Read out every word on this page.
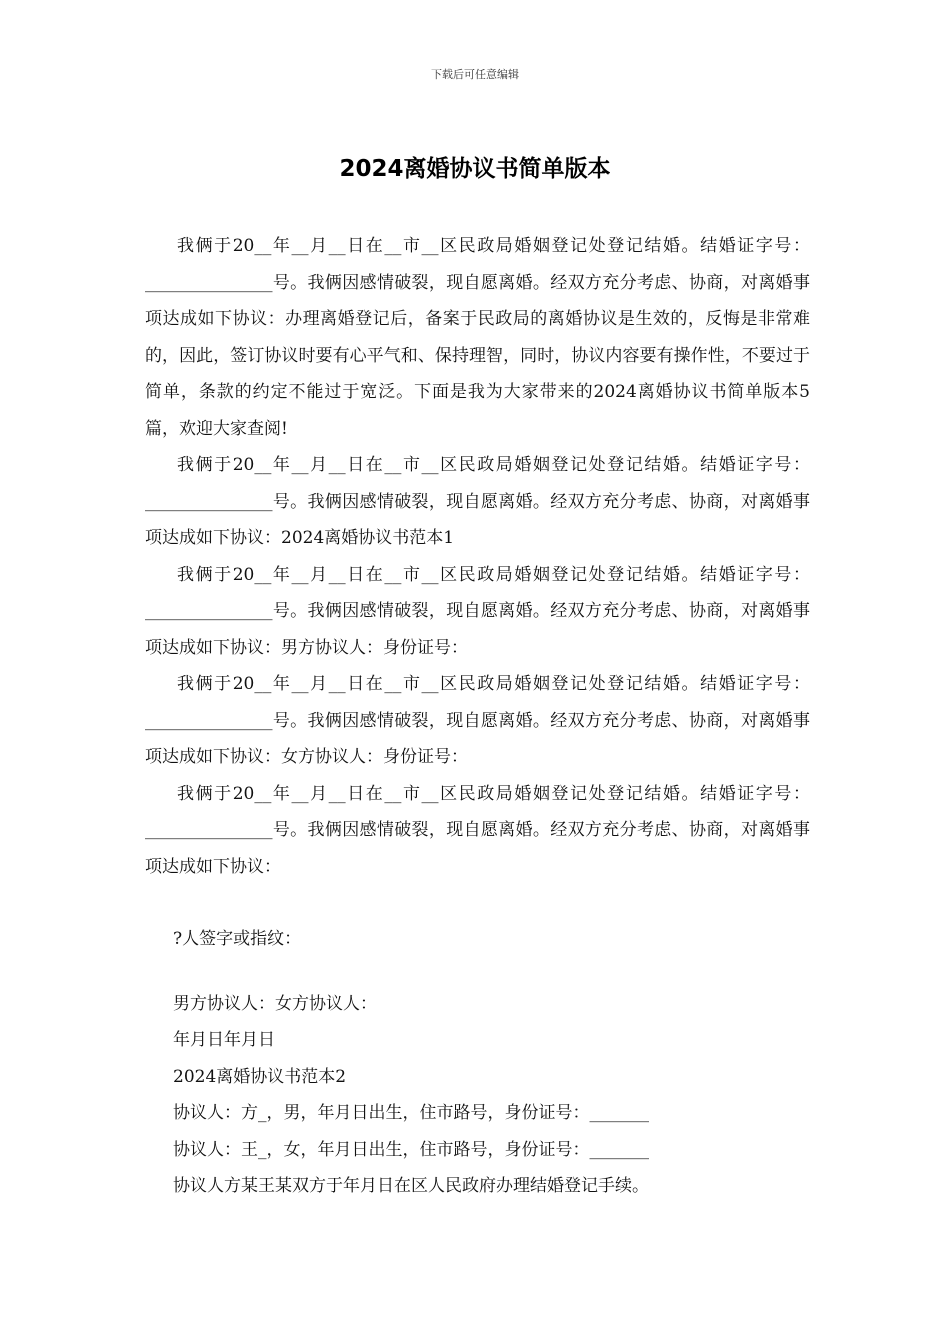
下载后可任意编辑
2024离婚协议书简单版本

我俩于20__年__月__日在__市__区民政局婚姻登记处登记结婚。结婚证字号：_______________号。我俩因感情破裂，现自愿离婚。经双方充分考虑、协商，对离婚事项达成如下协议：办理离婚登记后，备案于民政局的离婚协议是生效的，反悔是非常难的，因此，签订协议时要有心平气和、保持理智，同时，协议内容要有操作性，不要过于简单，条款的约定不能过于宽泛。下面是我为大家带来的2024离婚协议书简单版本5篇，欢迎大家查阅!

我俩于20__年__月__日在__市__区民政局婚姻登记处登记结婚。结婚证字号：_______________号。我俩因感情破裂，现自愿离婚。经双方充分考虑、协商，对离婚事项达成如下协议：2024离婚协议书范本1

我俩于20__年__月__日在__市__区民政局婚姻登记处登记结婚。结婚证字号：_______________号。我俩因感情破裂，现自愿离婚。经双方充分考虑、协商，对离婚事项达成如下协议：男方协议人：身份证号：

我俩于20__年__月__日在__市__区民政局婚姻登记处登记结婚。结婚证字号：_______________号。我俩因感情破裂，现自愿离婚。经双方充分考虑、协商，对离婚事项达成如下协议：女方协议人：身份证号：

我俩于20__年__月__日在__市__区民政局婚姻登记处登记结婚。结婚证字号：_______________号。我俩因感情破裂，现自愿离婚。经双方充分考虑、协商，对离婚事项达成如下协议：

?人签字或指纹：
男方协议人：女方协议人：
年月日年月日
2024离婚协议书范本2
协议人：方_，男，年月日出生，住市路号，身份证号：_______
协议人：王_，女，年月日出生，住市路号，身份证号：_______
协议人方某王某双方于年月日在区人民政府办理结婚登记手续。
